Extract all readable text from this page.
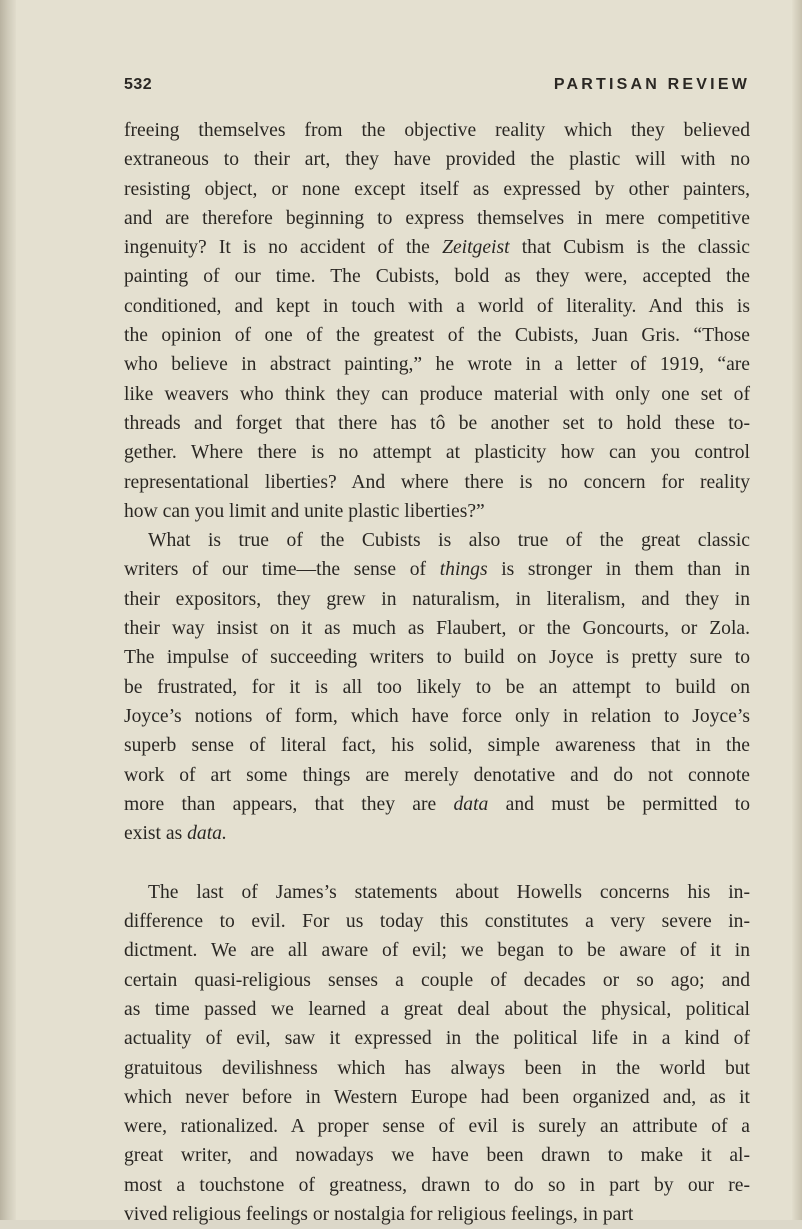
532	PARTISAN REVIEW
freeing themselves from the objective reality which they believed
extraneous to their art, they have provided the plastic will with no
resisting object, or none except itself as expressed by other painters,
and are therefore beginning to express themselves in mere competitive
ingenuity? It is no accident of the Zeitgeist that Cubism is the classic
painting of our time. The Cubists, bold as they were, accepted the
conditioned, and kept in touch with a world of literality. And this is
the opinion of one of the greatest of the Cubists, Juan Gris. “Those
who believe in abstract painting,” he wrote in a letter of 1919, “are
like weavers who think they can produce material with only one set of
threads and forget that there has tô be another set to hold these to-
gether. Where there is no attempt at plasticity how can you control
representational liberties? And where there is no concern for reality
how can you limit and unite plastic liberties?”
What is true of the Cubists is also true of the great classic
writers of our time—the sense of things is stronger in them than in
their expositors, they grew in naturalism, in literalism, and they in
their way insist on it as much as Flaubert, or the Goncourts, or Zola.
The impulse of succeeding writers to build on Joyce is pretty sure to
be frustrated, for it is all too likely to be an attempt to build on
Joyce’s notions of form, which have force only in relation to Joyce’s
superb sense of literal fact, his solid, simple awareness that in the
work of art some things are merely denotative and do not connote
more than appears, that they are data and must be permitted to
exist as data.
The last of James’s statements about Howells concerns his in-
difference to evil. For us today this constitutes a very severe in-
dictment. We are all aware of evil; we began to be aware of it in
certain quasi-religious senses a couple of decades or so ago; and
as time passed we learned a great deal about the physical, political
actuality of evil, saw it expressed in the political life in a kind of
gratuitous devilishness which has always been in the world but
which never before in Western Europe had been organized and, as it
were, rationalized. A proper sense of evil is surely an attribute of a
great writer, and nowadays we have been drawn to make it al-
most a touchstone of greatness, drawn to do so in part by our re-
vived religious feelings or nostalgia for religious feelings, in part
